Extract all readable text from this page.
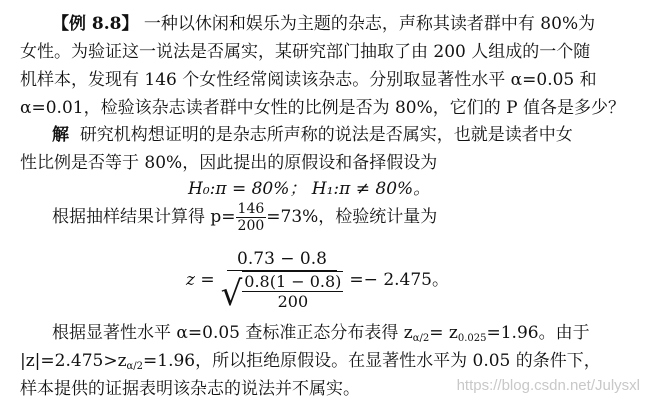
【例 8.8】 一种以休闲和娱乐为主题的杂志，声称其读者群中有 80%为
女性。为验证这一说法是否属实，某研究部门抽取了由 200 人组成的一个随
机样本，发现有 146 个女性经常阅读该杂志。分别取显著性水平 α=0.05 和
α=0.01，检验该杂志读者群中女性的比例是否为 80%，它们的 P 值各是多少？
解 研究机构想证明的是杂志所声称的说法是否属实，也就是读者中女
性比例是否等于 80%，因此提出的原假设和备择假设为
H₀:π = 80%； H₁:π ≠ 80%。
根据抽样结果计算得 $p= \frac{146}{200} =73\%$，检验统计量为
$z = \frac{0.73 - 0.8}{√ \frac{0.8(1 - 0.8)}{200}} =- 2.475$。
根据显著性水平 α=0.05 查标准正态分布表得 $z_{\alpha/2}= z_{0.025}=1.96$。由于
$|z|=2.475>z_{\alpha/2}=1.96$，所以拒绝原假设。在显著性水平为 0.05 的条件下，
样本提供的证据表明该杂志的说法并不属实。	https://blog.csdn.net/Julysxl
